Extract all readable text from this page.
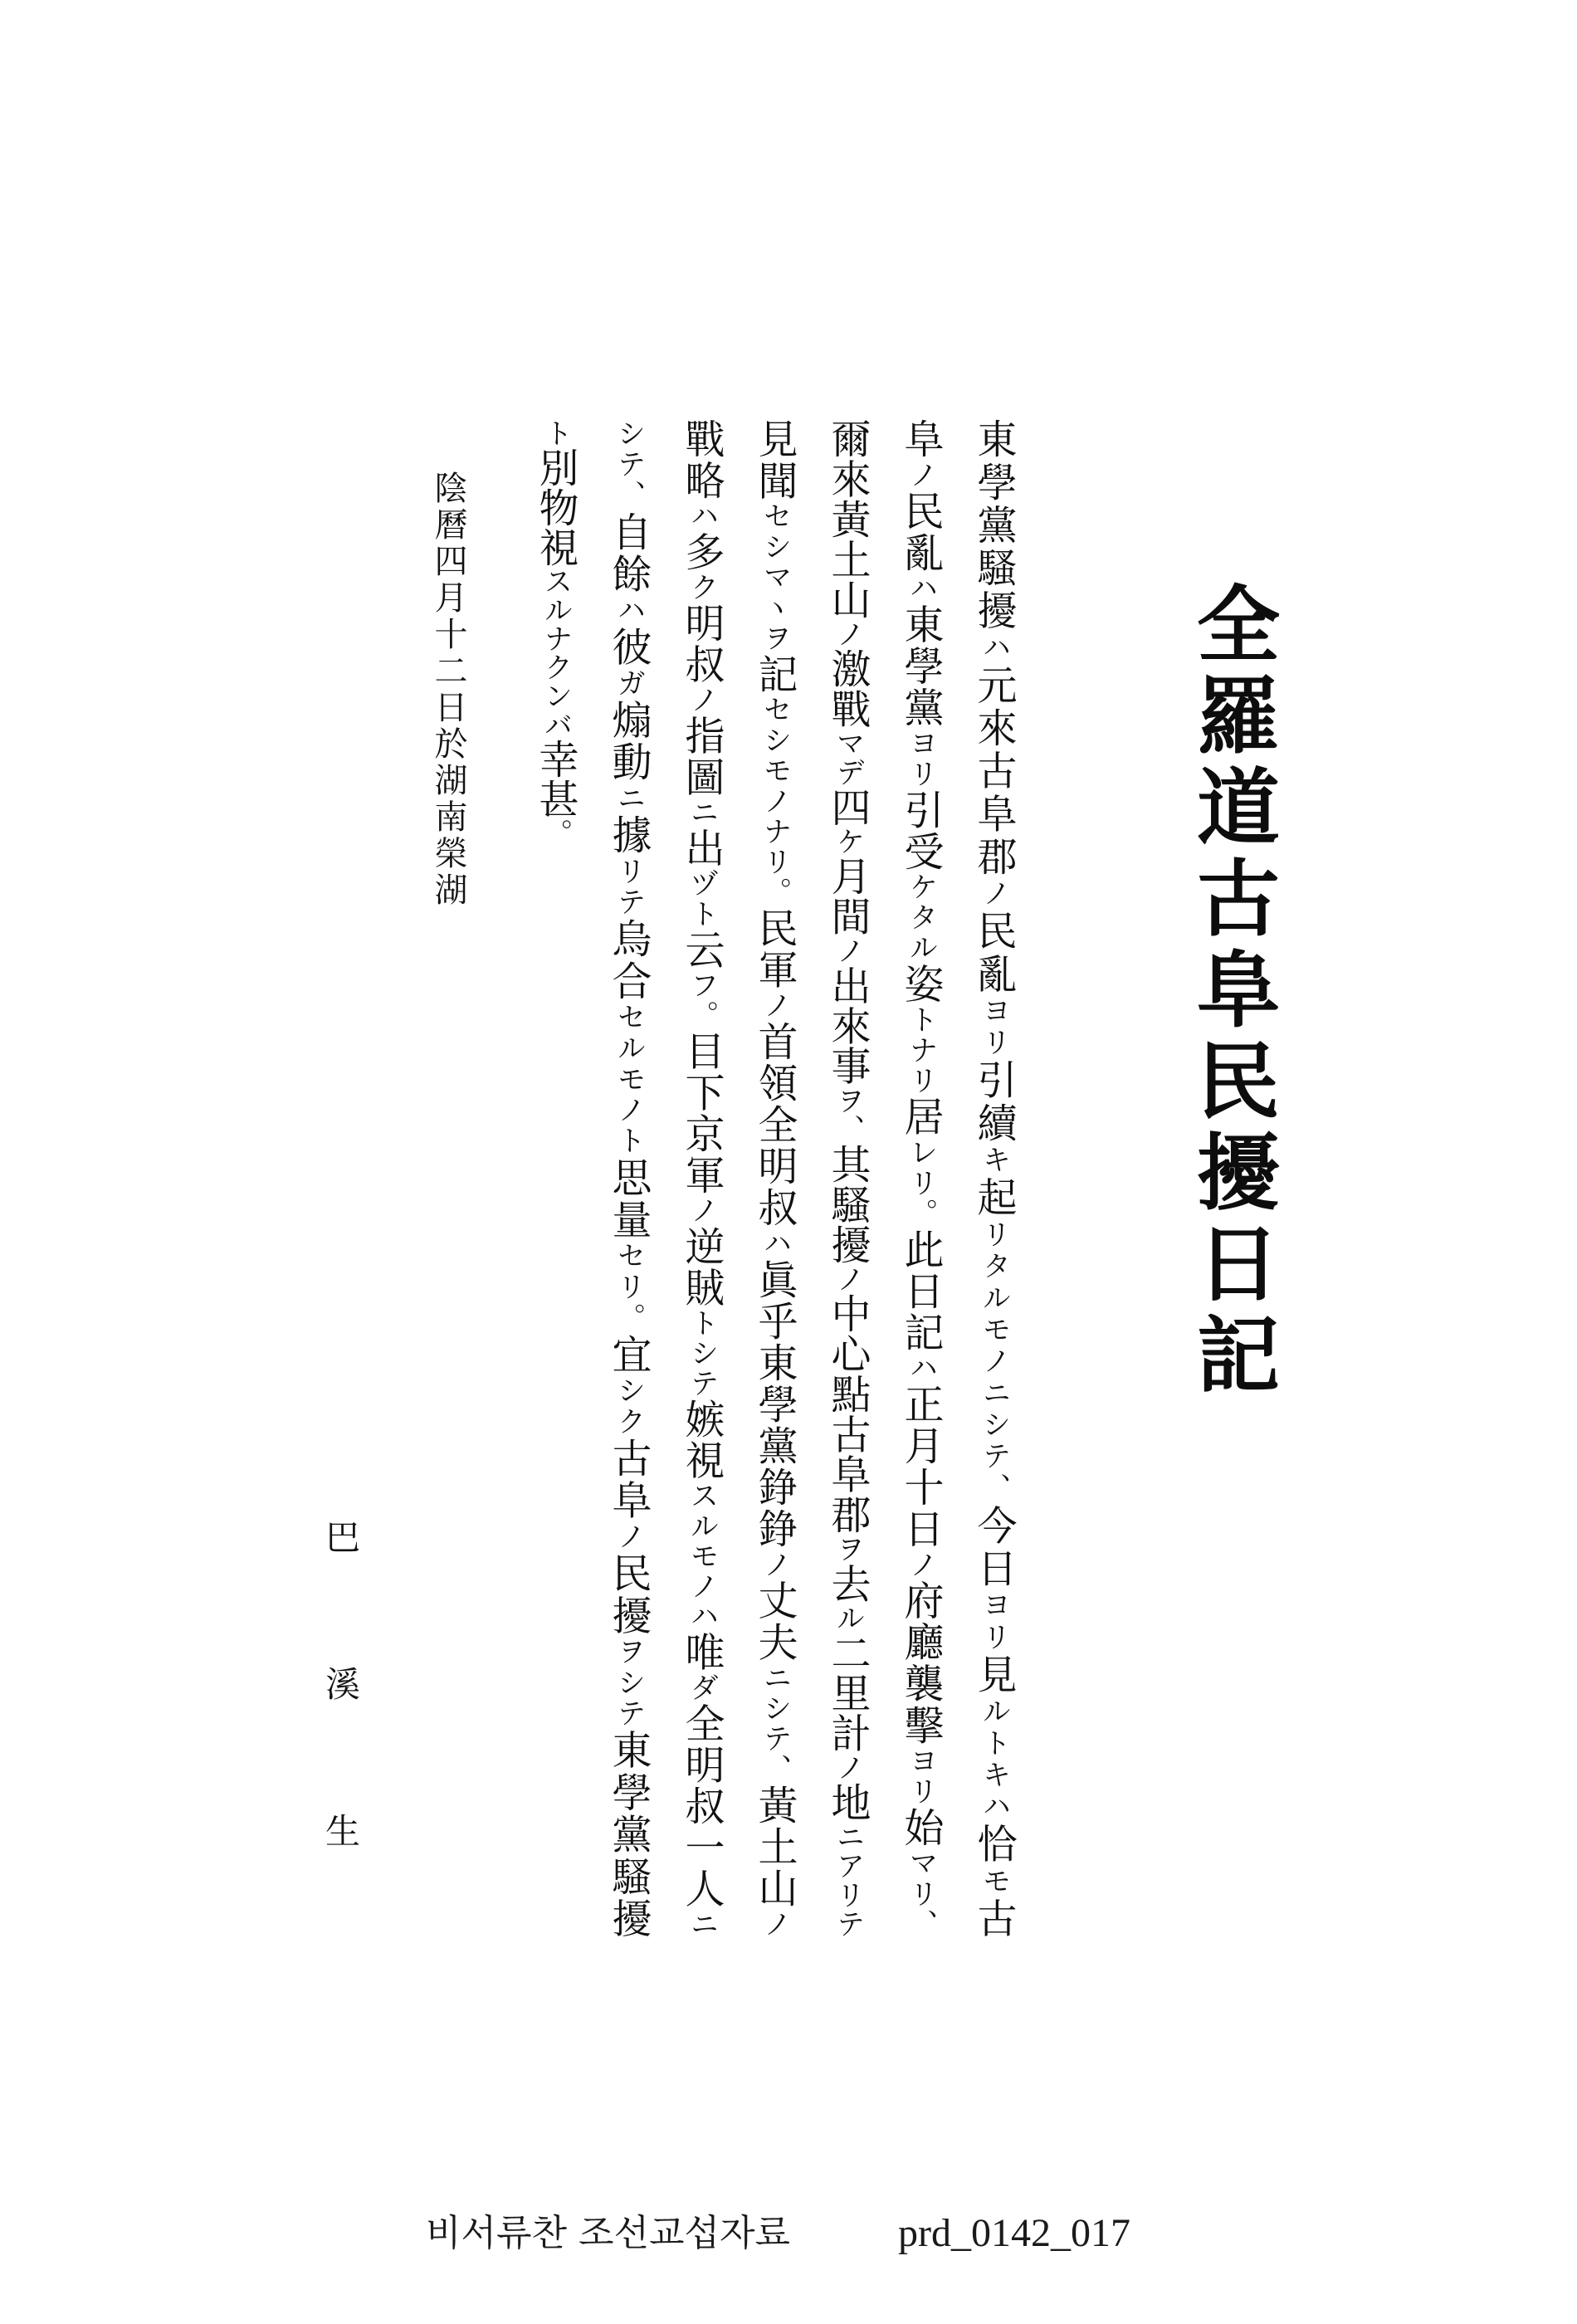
全羅道古阜民擾日記

東學黨騷擾ハ元來古阜郡ノ民亂ヨリ引續キ起リタルモノニシテ、今日ヨリ見ルトキハ恰モ古

阜ノ民亂ハ東學黨ヨリ引受ケタル姿トナリ居レリ。此日記ハ正月十日ノ府廳襲擊ヨリ始マリ、

爾來黃土山ノ激戰マデ四ケ月間ノ出來事ヲ、其騷擾ノ中心點古阜郡ヲ去ル二里計ノ地ニアリテ

見聞セシマヽヲ記セシモノナリ。民軍ノ首領全明叔ハ眞乎東學黨錚錚ノ丈夫ニシテ、黃土山ノ

戰略ハ多ク明叔ノ指圖ニ出ヅト云フ。目下京軍ノ逆賊トシテ嫉視スルモノハ唯ダ全明叔一人ニ

シテ、自餘ハ彼ガ煽動ニ據リテ烏合セルモノト思量セリ。宜シク古阜ノ民擾ヲシテ東學黨騷擾

ト別物視スルナクンバ幸甚。

陰曆四月十二日於湖南榮湖

巴溪生

비서류찬 조선교섭자료	prd_0142_017
